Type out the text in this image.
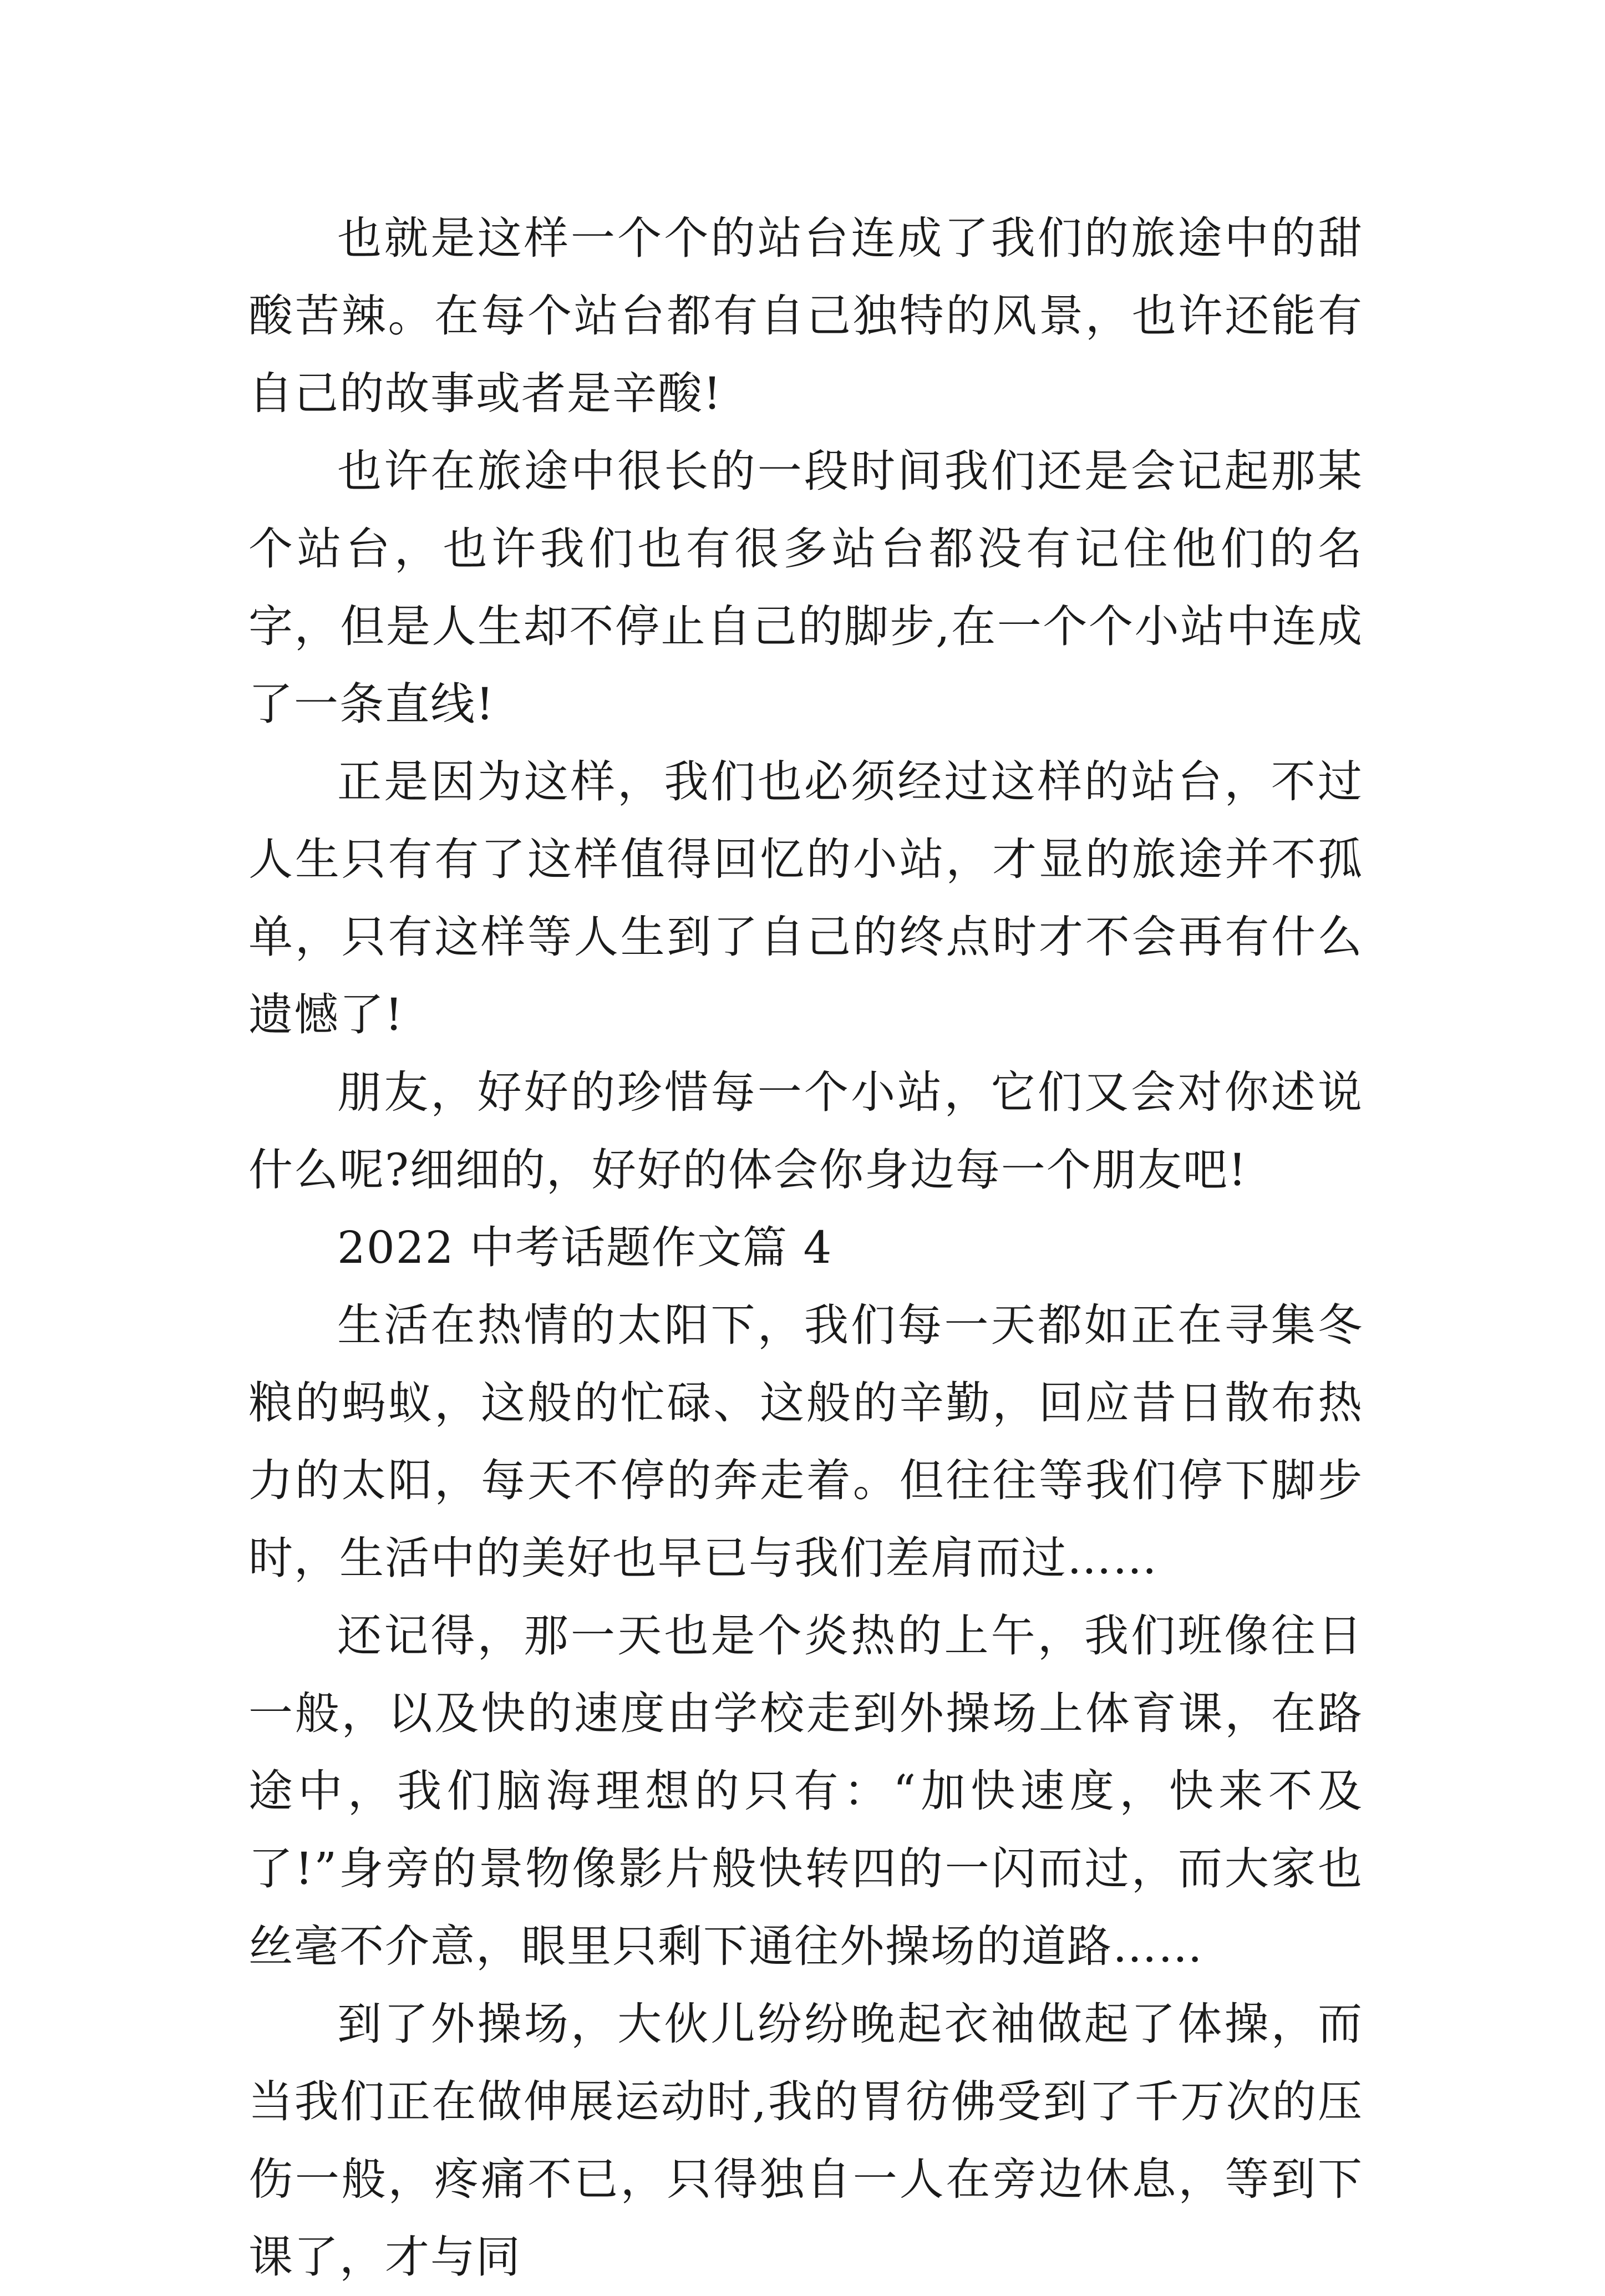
也就是这样一个个的站台连成了我们的旅途中的甜酸苦辣。在每个站台都有自己独特的风景，也许还能有自己的故事或者是辛酸!

也许在旅途中很长的一段时间我们还是会记起那某个站台，也许我们也有很多站台都没有记住他们的名字，但是人生却不停止自己的脚步,在一个个小站中连成了一条直线!

正是因为这样，我们也必须经过这样的站台，不过人生只有有了这样值得回忆的小站，才显的旅途并不孤单，只有这样等人生到了自己的终点时才不会再有什么遗憾了!

朋友，好好的珍惜每一个小站，它们又会对你述说什么呢?细细的，好好的体会你身边每一个朋友吧!

2022 中考话题作文篇 4

生活在热情的太阳下，我们每一天都如正在寻集冬粮的蚂蚁，这般的忙碌、这般的辛勤，回应昔日散布热力的太阳，每天不停的奔走着。但往往等我们停下脚步时，生活中的美好也早已与我们差肩而过……

还记得，那一天也是个炎热的上午，我们班像往日一般，以及快的速度由学校走到外操场上体育课，在路途中，我们脑海理想的只有：“加快速度，快来不及了!”身旁的景物像影片般快转四的一闪而过，而大家也丝毫不介意，眼里只剩下通往外操场的道路……

到了外操场，大伙儿纷纷晚起衣袖做起了体操，而当我们正在做伸展运动时,我的胃彷佛受到了千万次的压伤一般，疼痛不已，只得独自一人在旁边休息，等到下课了，才与同
